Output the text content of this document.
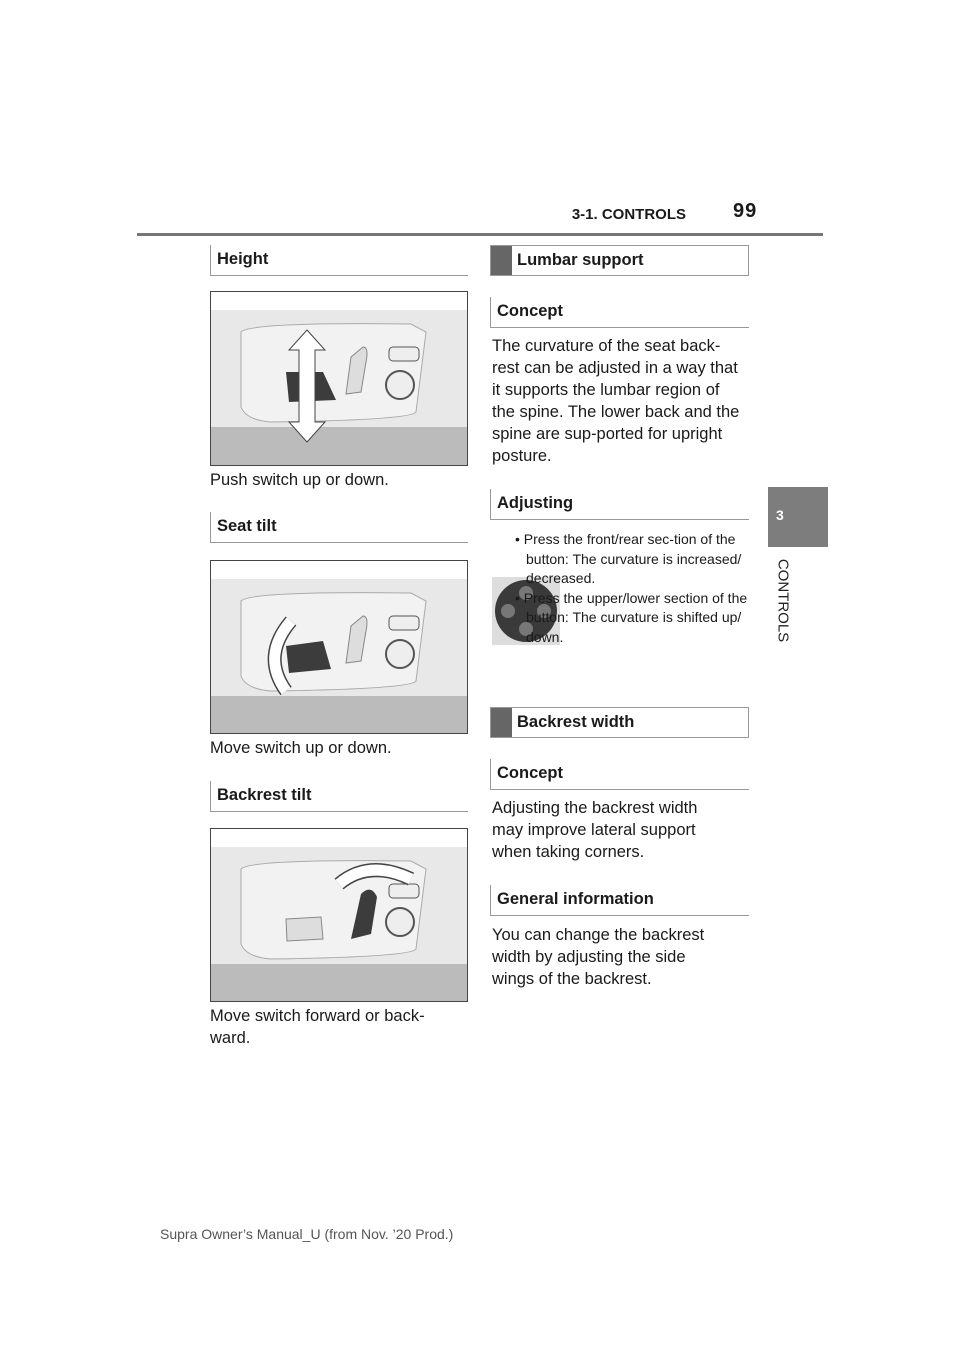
3-1. CONTROLS 99
3
CONTROLS
Height
Push switch up or down.
Seat tilt
Move switch up or down.
Backrest tilt
Move switch forward or back-ward.
Lumbar support
Concept
The curvature of the seat back-rest can be adjusted in a way that it supports the lumbar region of the spine. The lower back and the spine are sup-ported for upright posture.
Adjusting
• Press the front/rear sec-tion of the button: The curvature is increased/ decreased.
• Press the upper/lower section of the button: The curvature is shifted up/ down.
Backrest width
Concept
Adjusting the backrest width may improve lateral support when taking corners.
General information
You can change the backrest width by adjusting the side wings of the backrest.
Supra Owner’s Manual_U (from Nov. ’20 Prod.)
